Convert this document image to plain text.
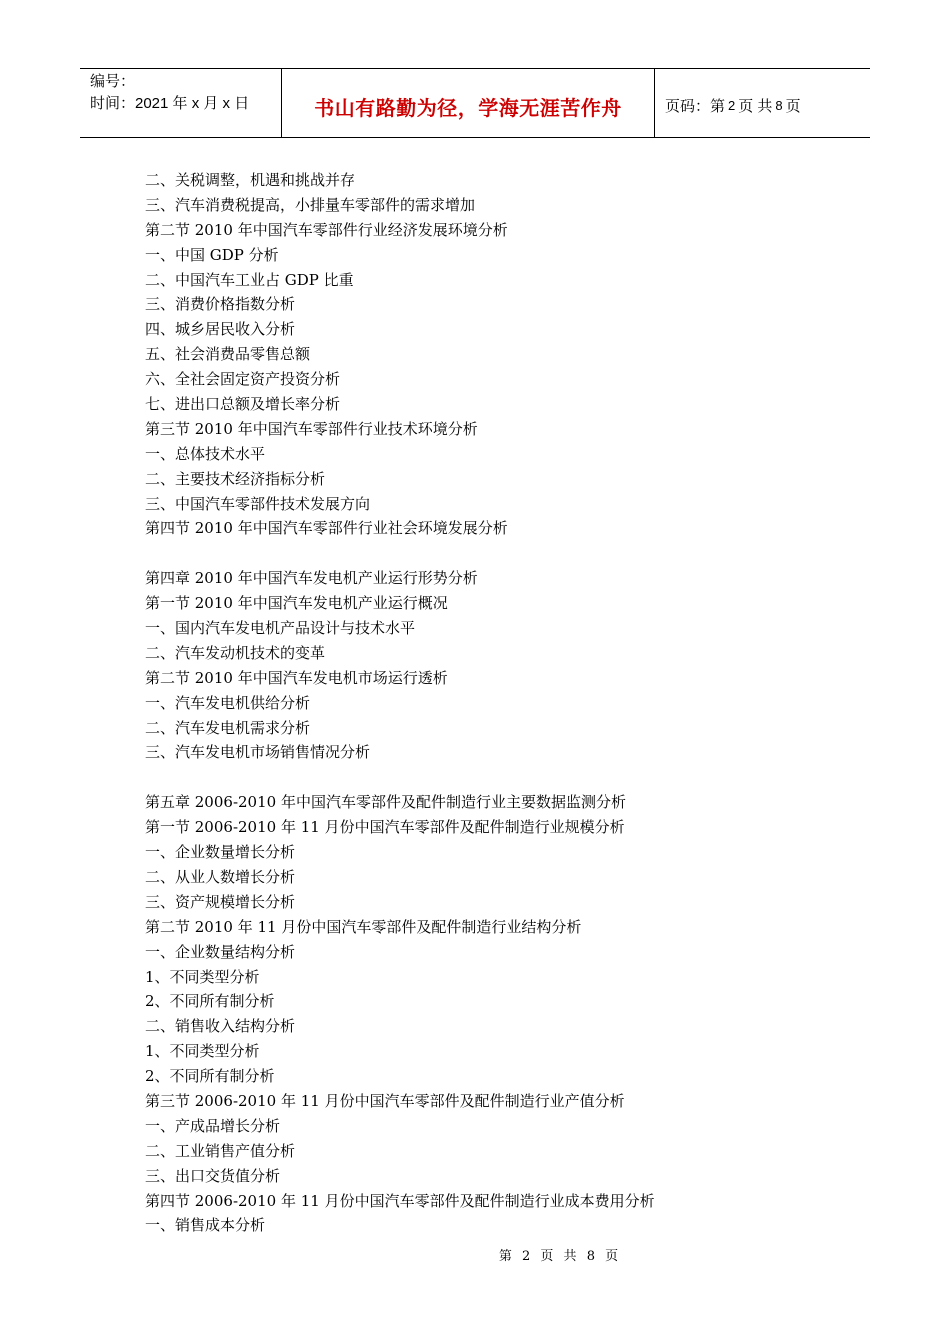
编号：
时间：2021 年 x 月 x 日	书山有路勤为径，学海无涯苦作舟	页码：第 2 页 共 8 页
二、关税调整，机遇和挑战并存
三、汽车消费税提高，小排量车零部件的需求增加
第二节 2010 年中国汽车零部件行业经济发展环境分析
一、中国 GDP 分析
二、中国汽车工业占 GDP 比重
三、消费价格指数分析
四、城乡居民收入分析
五、社会消费品零售总额
六、全社会固定资产投资分析
七、进出口总额及增长率分析
第三节 2010 年中国汽车零部件行业技术环境分析
一、总体技术水平
二、主要技术经济指标分析
三、中国汽车零部件技术发展方向
第四节 2010 年中国汽车零部件行业社会环境发展分析
第四章 2010 年中国汽车发电机产业运行形势分析
第一节 2010 年中国汽车发电机产业运行概况
一、国内汽车发电机产品设计与技术水平
二、汽车发动机技术的变革
第二节 2010 年中国汽车发电机市场运行透析
一、汽车发电机供给分析
二、汽车发电机需求分析
三、汽车发电机市场销售情况分析
第五章 2006-2010 年中国汽车零部件及配件制造行业主要数据监测分析
第一节 2006-2010 年 11 月份中国汽车零部件及配件制造行业规模分析
一、企业数量增长分析
二、从业人数增长分析
三、资产规模增长分析
第二节 2010 年 11 月份中国汽车零部件及配件制造行业结构分析
一、企业数量结构分析
1、不同类型分析
2、不同所有制分析
二、销售收入结构分析
1、不同类型分析
2、不同所有制分析
第三节 2006-2010 年 11 月份中国汽车零部件及配件制造行业产值分析
一、产成品增长分析
二、工业销售产值分析
三、出口交货值分析
第四节 2006-2010 年 11 月份中国汽车零部件及配件制造行业成本费用分析
一、销售成本分析
第 2 页 共 8 页
